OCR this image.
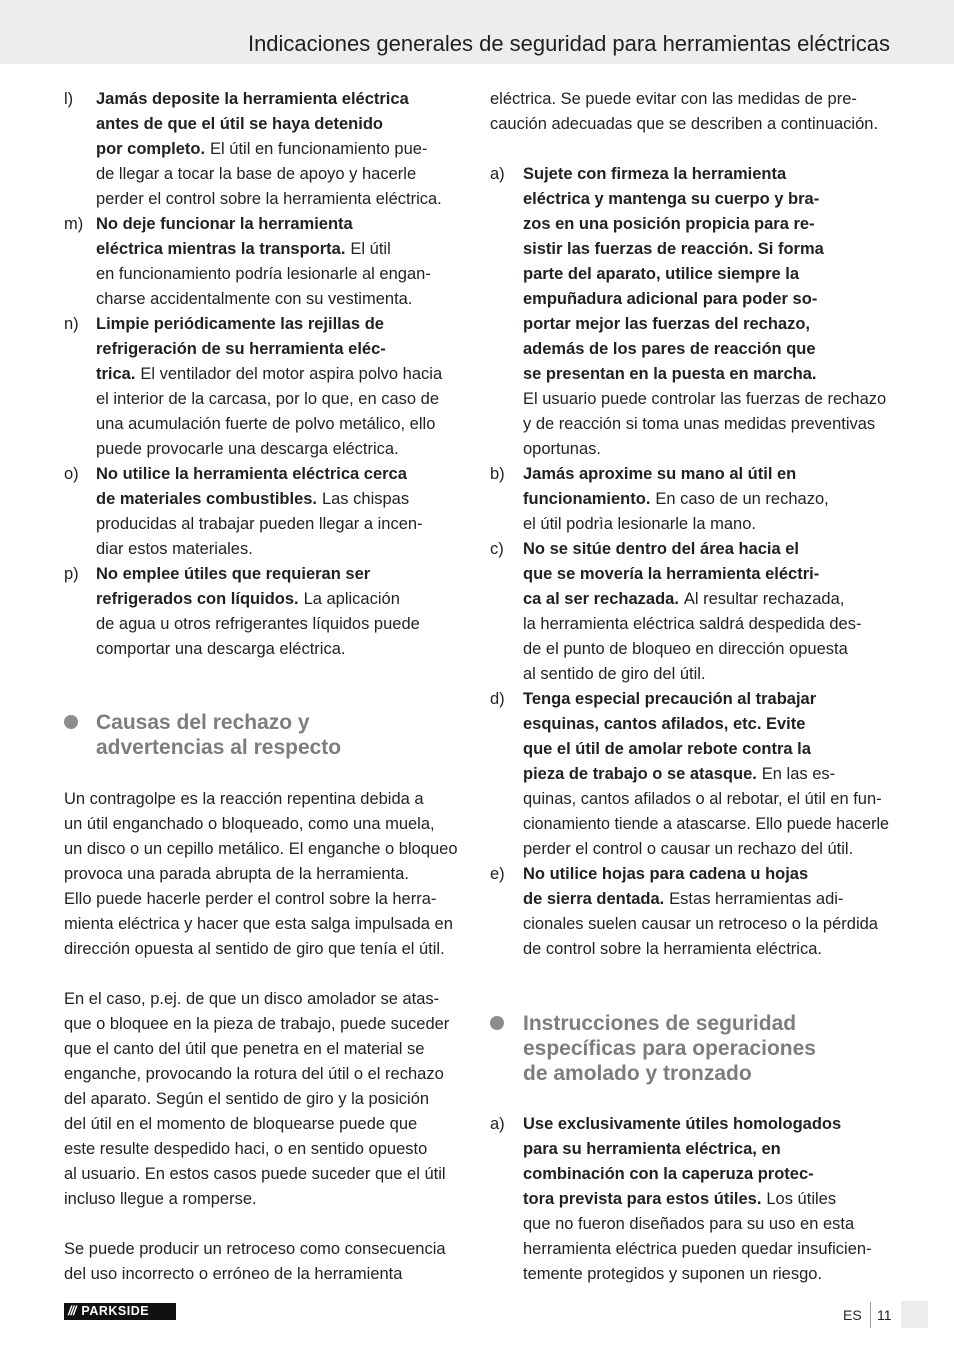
Indicaciones generales de seguridad para herramientas eléctricas
l) Jamás deposite la herramienta eléctrica
antes de que el útil se haya detenido
por completo. El útil en funcionamiento pue-
de llegar a tocar la base de apoyo y hacerle
perder el control sobre la herramienta eléctrica.
m) No deje funcionar la herramienta
eléctrica mientras la transporta. El útil
en funcionamiento podría lesionarle al engan-
charse accidentalmente con su vestimenta.
n) Limpie periódicamente las rejillas de
refrigeración de su herramienta eléc-
trica. El ventilador del motor aspira polvo hacia
el interior de la carcasa, por lo que, en caso de
una acumulación fuerte de polvo metálico, ello
puede provocarle una descarga eléctrica.
o) No utilice la herramienta eléctrica cerca
de materiales combustibles. Las chispas
producidas al trabajar pueden llegar a incen-
diar estos materiales.
p) No emplee útiles que requieran ser
refrigerados con líquidos. La aplicación
de agua u otros refrigerantes líquidos puede
comportar una descarga eléctrica.
Causas del rechazo y
advertencias al respecto
Un contragolpe es la reacción repentina debida a
un útil enganchado o bloqueado, como una muela,
un disco o un cepillo metálico. El enganche o bloqueo
provoca una parada abrupta de la herramienta.
Ello puede hacerle perder el control sobre la herra-
mienta eléctrica y hacer que esta salga impulsada en
dirección opuesta al sentido de giro que tenía el útil.
En el caso, p.ej. de que un disco amolador se atas-
que o bloquee en la pieza de trabajo, puede suceder
que el canto del útil que penetra en el material se
enganche, provocando la rotura del útil o el rechazo
del aparato. Según el sentido de giro y la posición
del útil en el momento de bloquearse puede que
este resulte despedido haci, o en sentido opuesto
al usuario. En estos casos puede suceder que el útil
incluso llegue a romperse.
Se puede producir un retroceso como consecuencia
del uso incorrecto o erróneo de la herramienta
eléctrica. Se puede evitar con las medidas de pre-
caución adecuadas que se describen a continuación.
a) Sujete con firmeza la herramienta
eléctrica y mantenga su cuerpo y bra-
zos en una posición propicia para re-
sistir las fuerzas de reacción. Si forma
parte del aparato, utilice siempre la
empuñadura adicional para poder so-
portar mejor las fuerzas del rechazo,
además de los pares de reacción que
se presentan en la puesta en marcha.
El usuario puede controlar las fuerzas de rechazo
y de reacción si toma unas medidas preventivas
oportunas.
b) Jamás aproxime su mano al útil en
funcionamiento. En caso de un rechazo,
el útil podrìa lesionarle la mano.
c) No se sitúe dentro del área hacia el
que se movería la herramienta eléctri-
ca al ser rechazada. Al resultar rechazada,
la herramienta eléctrica saldrá despedida des-
de el punto de bloqueo en dirección opuesta
al sentido de giro del útil.
d) Tenga especial precaución al trabajar
esquinas, cantos afilados, etc. Evite
que el útil de amolar rebote contra la
pieza de trabajo o se atasque. En las es-
quinas, cantos afilados o al rebotar, el útil en fun-
cionamiento tiende a atascarse. Ello puede hacerle
perder el control o causar un rechazo del útil.
e) No utilice hojas para cadena u hojas
de sierra dentada. Estas herramientas adi-
cionales suelen causar un retroceso o la pérdida
de control sobre la herramienta eléctrica.
Instrucciones de seguridad
específicas para operaciones
de amolado y tronzado
a) Use exclusivamente útiles homologados
para su herramienta eléctrica, en
combinación con la caperuza protec-
tora prevista para estos útiles. Los útiles
que no fueron diseñados para su uso en esta
herramienta eléctrica pueden quedar insuficien-
temente protegidos y suponen un riesgo.
/// PARKSIDE	ES 11
